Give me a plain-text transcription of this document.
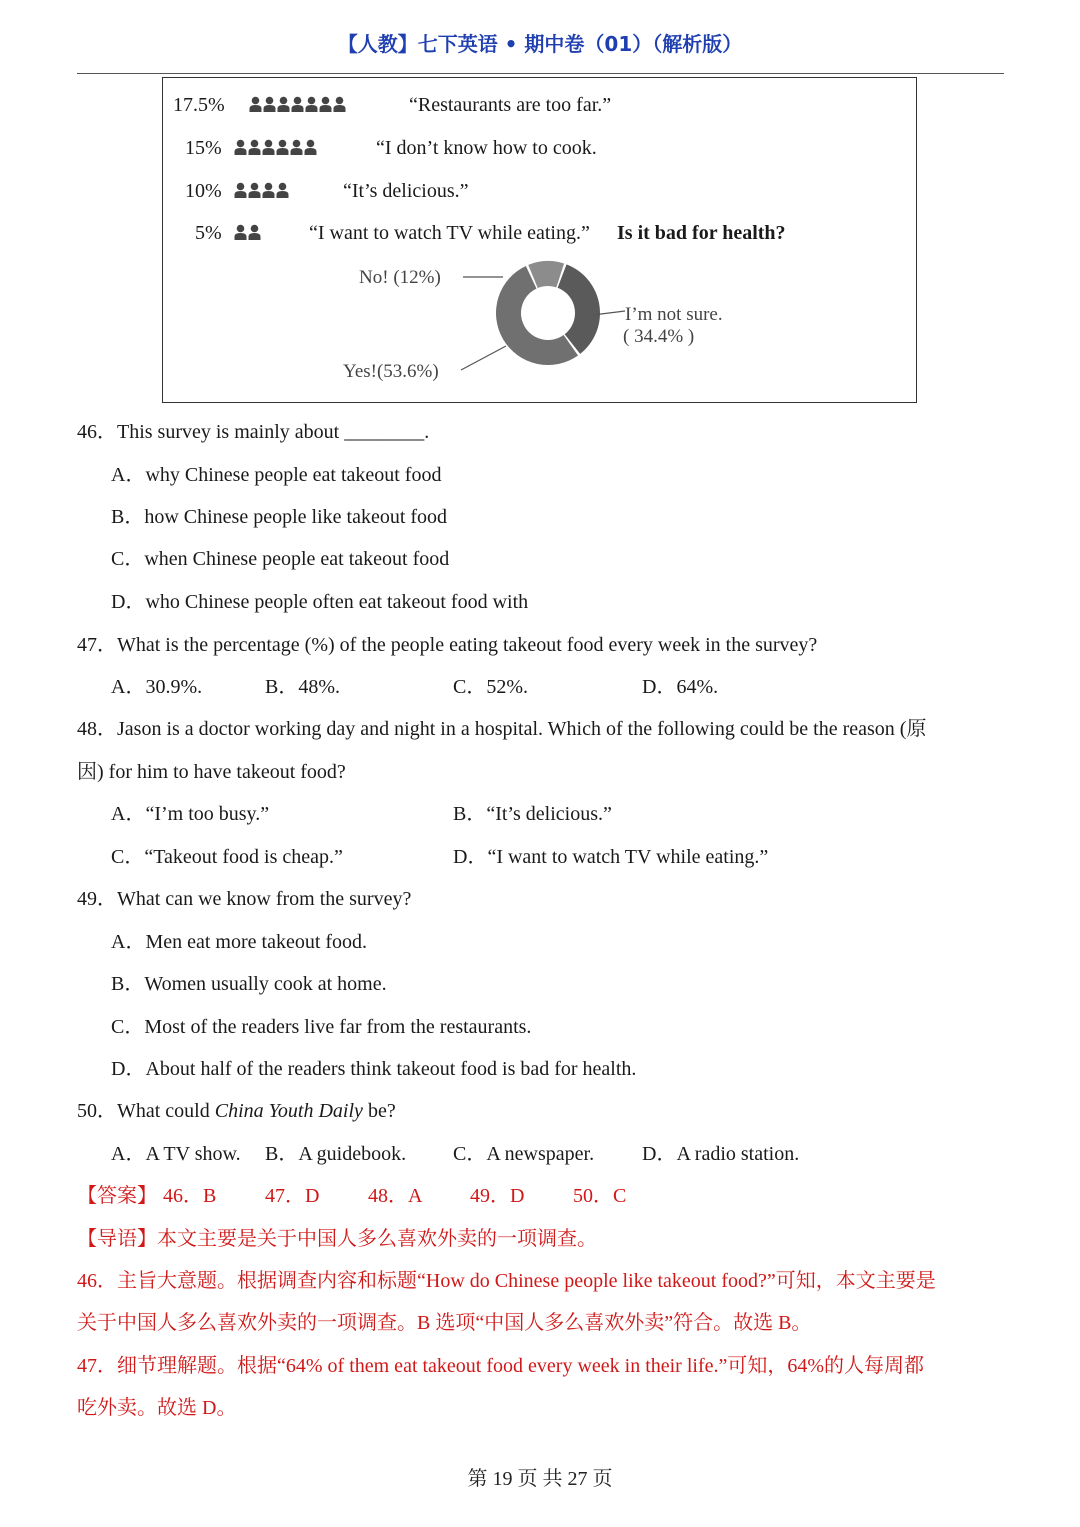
【人教】七下英语 • 期中卷（01）（解析版）
17.5%	“Restaurants are too far.”
15%	“I don’t know how to cook.
10%	“It’s delicious.”
5%	“I want to watch TV while eating.” Is it bad for health?
No! (12%)
I’m not sure.
( 34.4% )
Yes!(53.6%)
46．This survey is mainly about ________.
A．why Chinese people eat takeout food
B．how Chinese people like takeout food
C．when Chinese people eat takeout food
D．who Chinese people often eat takeout food with
47．What is the percentage (%) of the people eating takeout food every week in the survey?
A．30.9%.	B．48%.	C．52%.	D．64%.
48．Jason is a doctor working day and night in a hospital. Which of the following could be the reason (原
因) for him to have takeout food?
A．“I’m too busy.”	B．“It’s delicious.”
C．“Takeout food is cheap.”	D．“I want to watch TV while eating.”
49．What can we know from the survey?
A．Men eat more takeout food.
B．Women usually cook at home.
C．Most of the readers live far from the restaurants.
D．About half of the readers think takeout food is bad for health.
50．What could China Youth Daily be?
A．A TV show. B．A guidebook. C．A newspaper. D．A radio station.
【答案】 46．B 47．D 48．A 49．D 50．C
【导语】本文主要是关于中国人多么喜欢外卖的一项调查。
46．主旨大意题。根据调查内容和标题“How do Chinese people like takeout food?”可知，本文主要是
关于中国人多么喜欢外卖的一项调查。B 选项“中国人多么喜欢外卖”符合。故选 B。
47．细节理解题。根据“64% of them eat takeout food every week in their life.”可知，64%的人每周都
吃外卖。故选 D。
第 19 页 共 27 页
